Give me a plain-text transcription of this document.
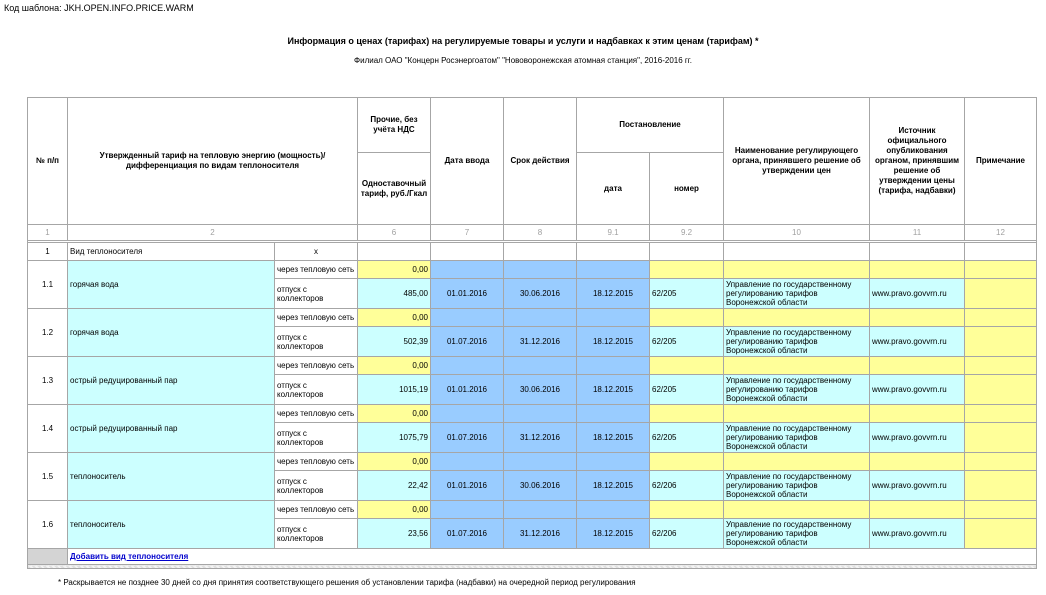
Код шаблона: JKH.OPEN.INFO.PRICE.WARM
Информация о ценах (тарифах) на регулируемые товары и услуги и надбавках к этим ценам (тарифам) *
Филиал ОАО "Концерн Росэнергоатом" "Нововоронежская атомная станция", 2016-2016 гг.
№ п/п	Утвержденный тариф на тепловую энергию (мощность)/ дифференциация по видам теплоносителя		Прочие, без учёта НДС	Дата ввода	Срок действия	Постановление		Наименование регулирующего органа, принявшего решение об утверждении цен	Источник официального опубликования органом, принявшим решение об утверждении цены (тарифа, надбавки)	Примечание
			Одноставочный тариф, руб./Гкал			дата	номер			
1	2		6	7	8	9.1	9.2	10	11	12

1	Вид теплоносителя	x								
1.1	горячая вода	через тепловую сеть	0,00							
		отпуск с коллекторов	485,00	01.01.2016	30.06.2016	18.12.2015	62/205	Управление по государственному регулированию тарифов Воронежской области	www.pravo.govvrn.ru	
1.2	горячая вода	через тепловую сеть	0,00							
		отпуск с коллекторов	502,39	01.07.2016	31.12.2016	18.12.2015	62/205	Управление по государственному регулированию тарифов Воронежской области	www.pravo.govvrn.ru	
1.3	острый редуцированный пар	через тепловую сеть	0,00							
		отпуск с коллекторов	1015,19	01.01.2016	30.06.2016	18.12.2015	62/205	Управление по государственному регулированию тарифов Воронежской области	www.pravo.govvrn.ru	
1.4	острый редуцированный пар	через тепловую сеть	0,00							
		отпуск с коллекторов	1075,79	01.07.2016	31.12.2016	18.12.2015	62/205	Управление по государственному регулированию тарифов Воронежской области	www.pravo.govvrn.ru	
1.5	теплоноситель	через тепловую сеть	0,00							
		отпуск с коллекторов	22,42	01.01.2016	30.06.2016	18.12.2015	62/206	Управление по государственному регулированию тарифов Воронежской области	www.pravo.govvrn.ru	
1.6	теплоноситель	через тепловую сеть	0,00							
		отпуск с коллекторов	23,56	01.07.2016	31.12.2016	18.12.2015	62/206	Управление по государственному регулированию тарифов Воронежской области	www.pravo.govvrn.ru	
	Добавить вид теплоносителя									

* Раскрывается не позднее 30 дней со дня принятия соответствующего решения об установлении тарифа (надбавки) на очередной период регулирования
